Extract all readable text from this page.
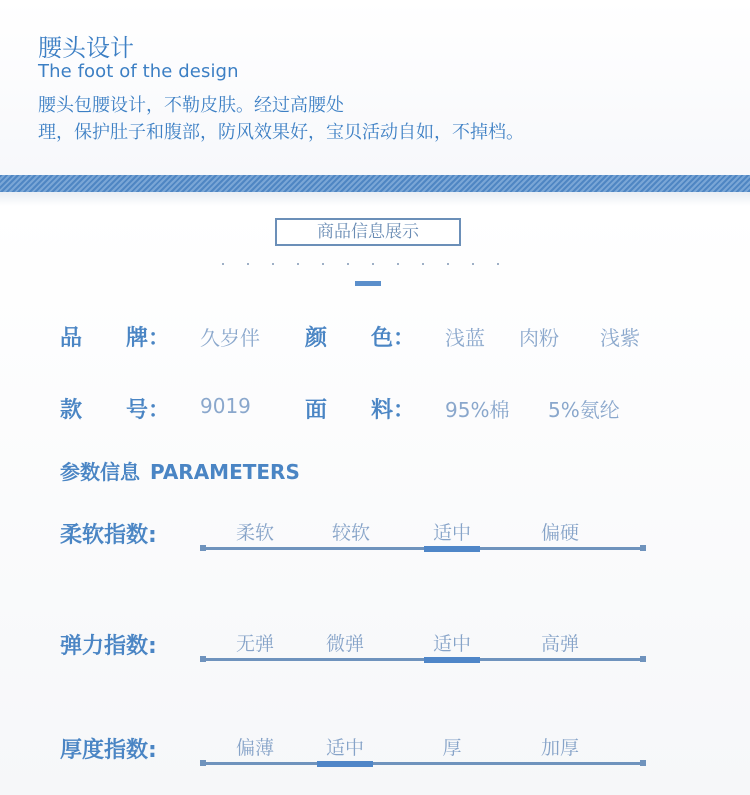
腰头设计
The foot of the design
腰头包腰设计，不勒皮肤。经过高腰处
理，保护肚子和腹部，防风效果好，宝贝活动自如，不掉档。
商品信息展示
品　　牌： 久岁伴 颜　　色： 浅蓝 肉粉 浅紫
款　　号： 9019 面　　料： 95%棉 5%氨纶
参数信息 PARAMETERS
柔软指数:	柔软	较软	适中	偏硬
弹力指数:	无弹	微弹	适中	高弹
厚度指数:	偏薄	适中	厚	加厚
